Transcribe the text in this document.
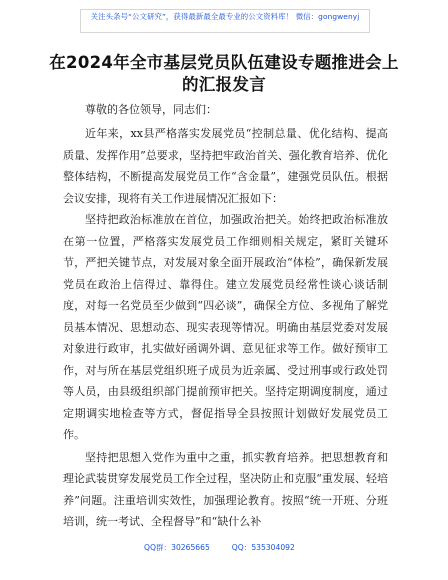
关注头条号“公文研究”，获得最新最全最专业的公文资料库！ 微信：gongwenyj
在2024年全市基层党员队伍建设专题推进会上
的汇报发言
尊敬的各位领导，同志们：

近年来，xx县严格落实发展党员“控制总量、优化结构、提高质量、发挥作用”总要求，坚持把牢政治首关、强化教育培养、优化整体结构，不断提高发展党员工作“含金量”，建强党员队伍。根据会议安排，现将有关工作进展情况汇报如下：

坚持把政治标准放在首位，加强政治把关。始终把政治标准放在第一位置，严格落实发展党员工作细则相关规定，紧盯关键环节，严把关键节点，对发展对象全面开展政治“体检”，确保新发展党员在政治上信得过、靠得住。建立发展党员经常性谈心谈话制度，对每一名党员至少做到“四必谈”，确保全方位、多视角了解党员基本情况、思想动态、现实表现等情况。明确由基层党委对发展对象进行政审，扎实做好函调外调、意见征求等工作。做好预审工作，对与所在基层党组织班子成员为近亲属、受过刑事或行政处罚等人员，由县级组织部门提前预审把关。坚持定期调度制度，通过定期调实地检查等方式，督促指导全县按照计划做好发展党员工作。

坚持把思想入党作为重中之重，抓实教育培养。把思想教育和理论武装贯穿发展党员工作全过程，坚决防止和克服“重发展、轻培养”问题。注重培训实效性，加强理论教育。按照“统一开班、分班培训，统一考试、全程督导”和“缺什么补

QQ群：30265665	QQ：535304092
